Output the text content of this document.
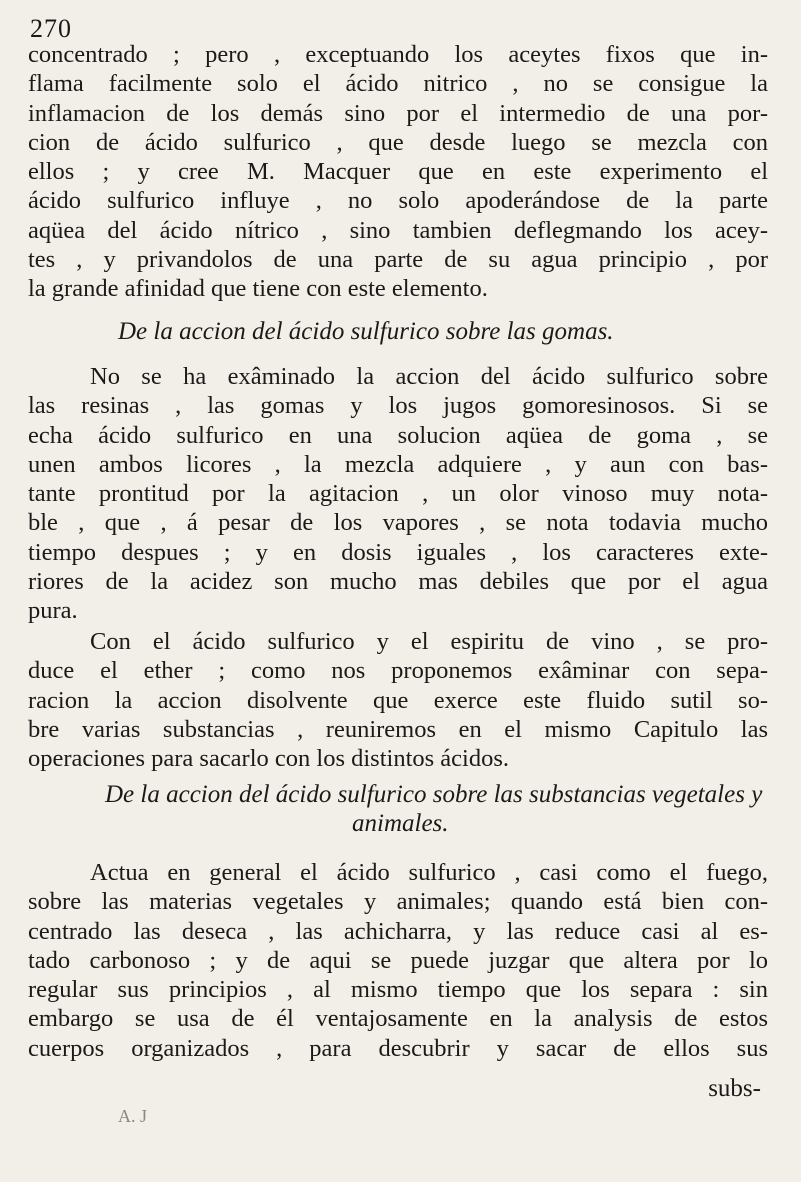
270
concentrado ; pero , exceptuando los aceytes fixos que in-
flama facilmente solo el ácido nitrico , no se consigue la
inflamacion de los demás sino por el intermedio de una por-
cion de ácido sulfurico , que desde luego se mezcla con
ellos ; y cree M. Macquer que en este experimento el
ácido sulfurico influye , no solo apoderándose de la parte
aqüea del ácido nítrico , sino tambien deflegmando los acey-
tes , y privandolos de una parte de su agua principio , por
la grande afinidad que tiene con este elemento.
De la accion del ácido sulfurico sobre las gomas.
No se ha exâminado la accion del ácido sulfurico sobre
las resinas , las gomas y los jugos gomoresinosos. Si se
echa ácido sulfurico en una solucion aqüea de goma , se
unen ambos licores , la mezcla adquiere , y aun con bas-
tante prontitud por la agitacion , un olor vinoso muy nota-
ble , que , á pesar de los vapores , se nota todavia mucho
tiempo despues ; y en dosis iguales , los caracteres exte-
riores de la acidez son mucho mas debiles que por el agua
pura.
Con el ácido sulfurico y el espiritu de vino , se pro-
duce el ether ; como nos proponemos exâminar con sepa-
racion la accion disolvente que exerce este fluido sutil so-
bre varias substancias , reuniremos en el mismo Capitulo las
operaciones para sacarlo con los distintos ácidos.
De la accion del ácido sulfurico sobre las substancias vegetales y
animales.
Actua en general el ácido sulfurico , casi como el fuego,
sobre las materias vegetales y animales; quando está bien con-
centrado las deseca , las achicharra, y las reduce casi al es-
tado carbonoso ; y de aqui se puede juzgar que altera por lo
regular sus principios , al mismo tiempo que los separa : sin
embargo se usa de él ventajosamente en la analysis de estos
cuerpos organizados , para descubrir y sacar de ellos sus
subs-
A. J
